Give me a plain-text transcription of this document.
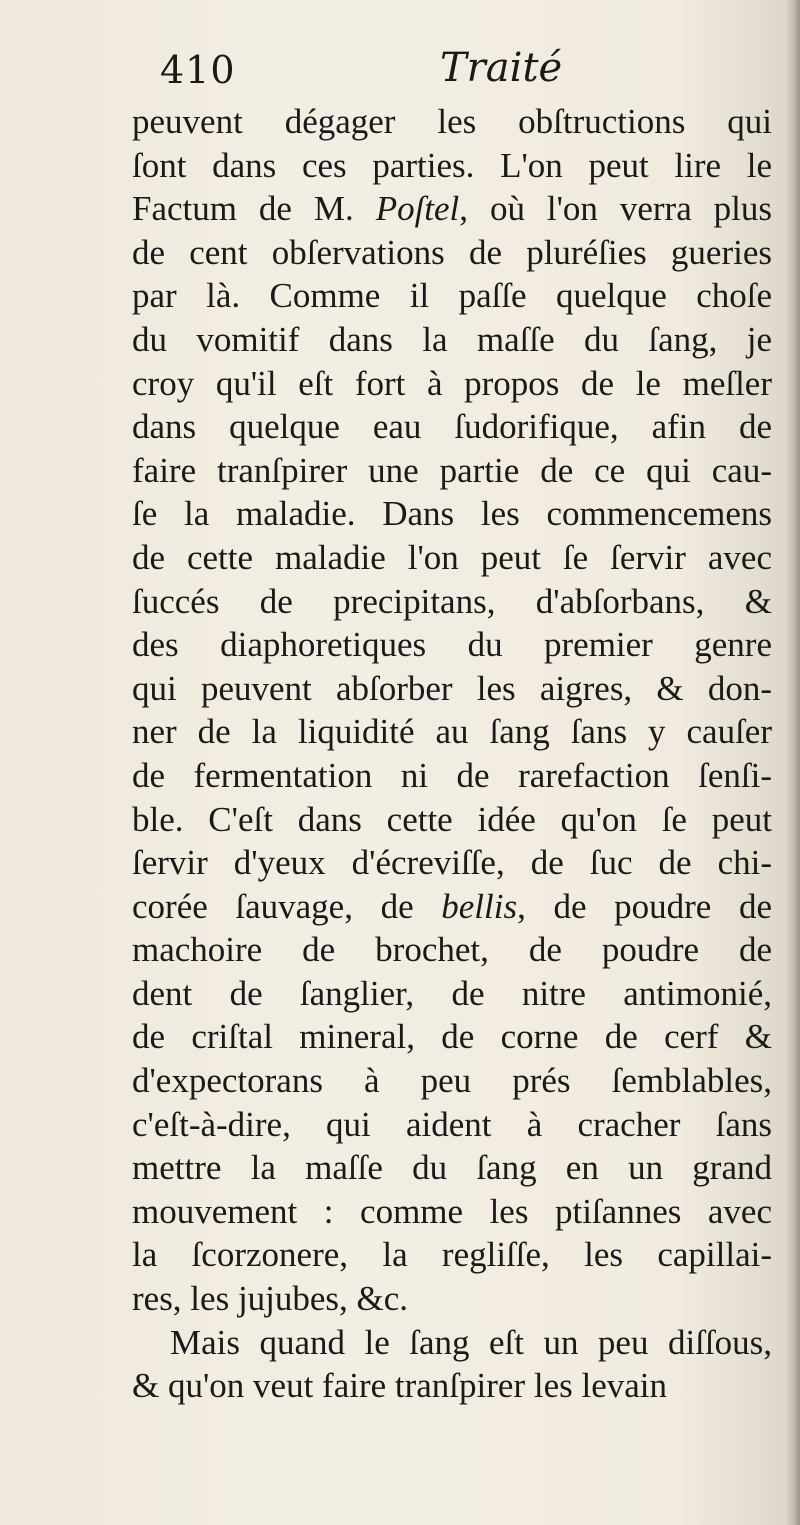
410	Traité
peuvent dégager les obſtructions qui
ſont dans ces parties. L'on peut lire le
Factum de M. Poſtel, où l'on verra plus
de cent obſervations de pluréſies gueries
par là. Comme il paſſe quelque choſe
du vomitif dans la maſſe du ſang, je
croy qu'il eſt fort à propos de le meſler
dans quelque eau ſudorifique, afin de
faire tranſpirer une partie de ce qui cau-
ſe la maladie. Dans les commencemens
de cette maladie l'on peut ſe ſervir avec
ſuccés de precipitans, d'abſorbans, &
des diaphoretiques du premier genre
qui peuvent abſorber les aigres, & don-
ner de la liquidité au ſang ſans y cauſer
de fermentation ni de rarefaction ſenſi-
ble. C'eſt dans cette idée qu'on ſe peut
ſervir d'yeux d'écreviſſe, de ſuc de chi-
corée ſauvage, de bellis, de poudre de
machoire de brochet, de poudre de
dent de ſanglier, de nitre antimonié,
de criſtal mineral, de corne de cerf &
d'expectorans à peu prés ſemblables,
c'eſt-à-dire, qui aident à cracher ſans
mettre la maſſe du ſang en un grand
mouvement : comme les ptiſannes avec
la ſcorzonere, la regliſſe, les capillai-
res, les jujubes, &c.
Mais quand le ſang eſt un peu diſſous,
& qu'on veut faire tranſpirer les levain
